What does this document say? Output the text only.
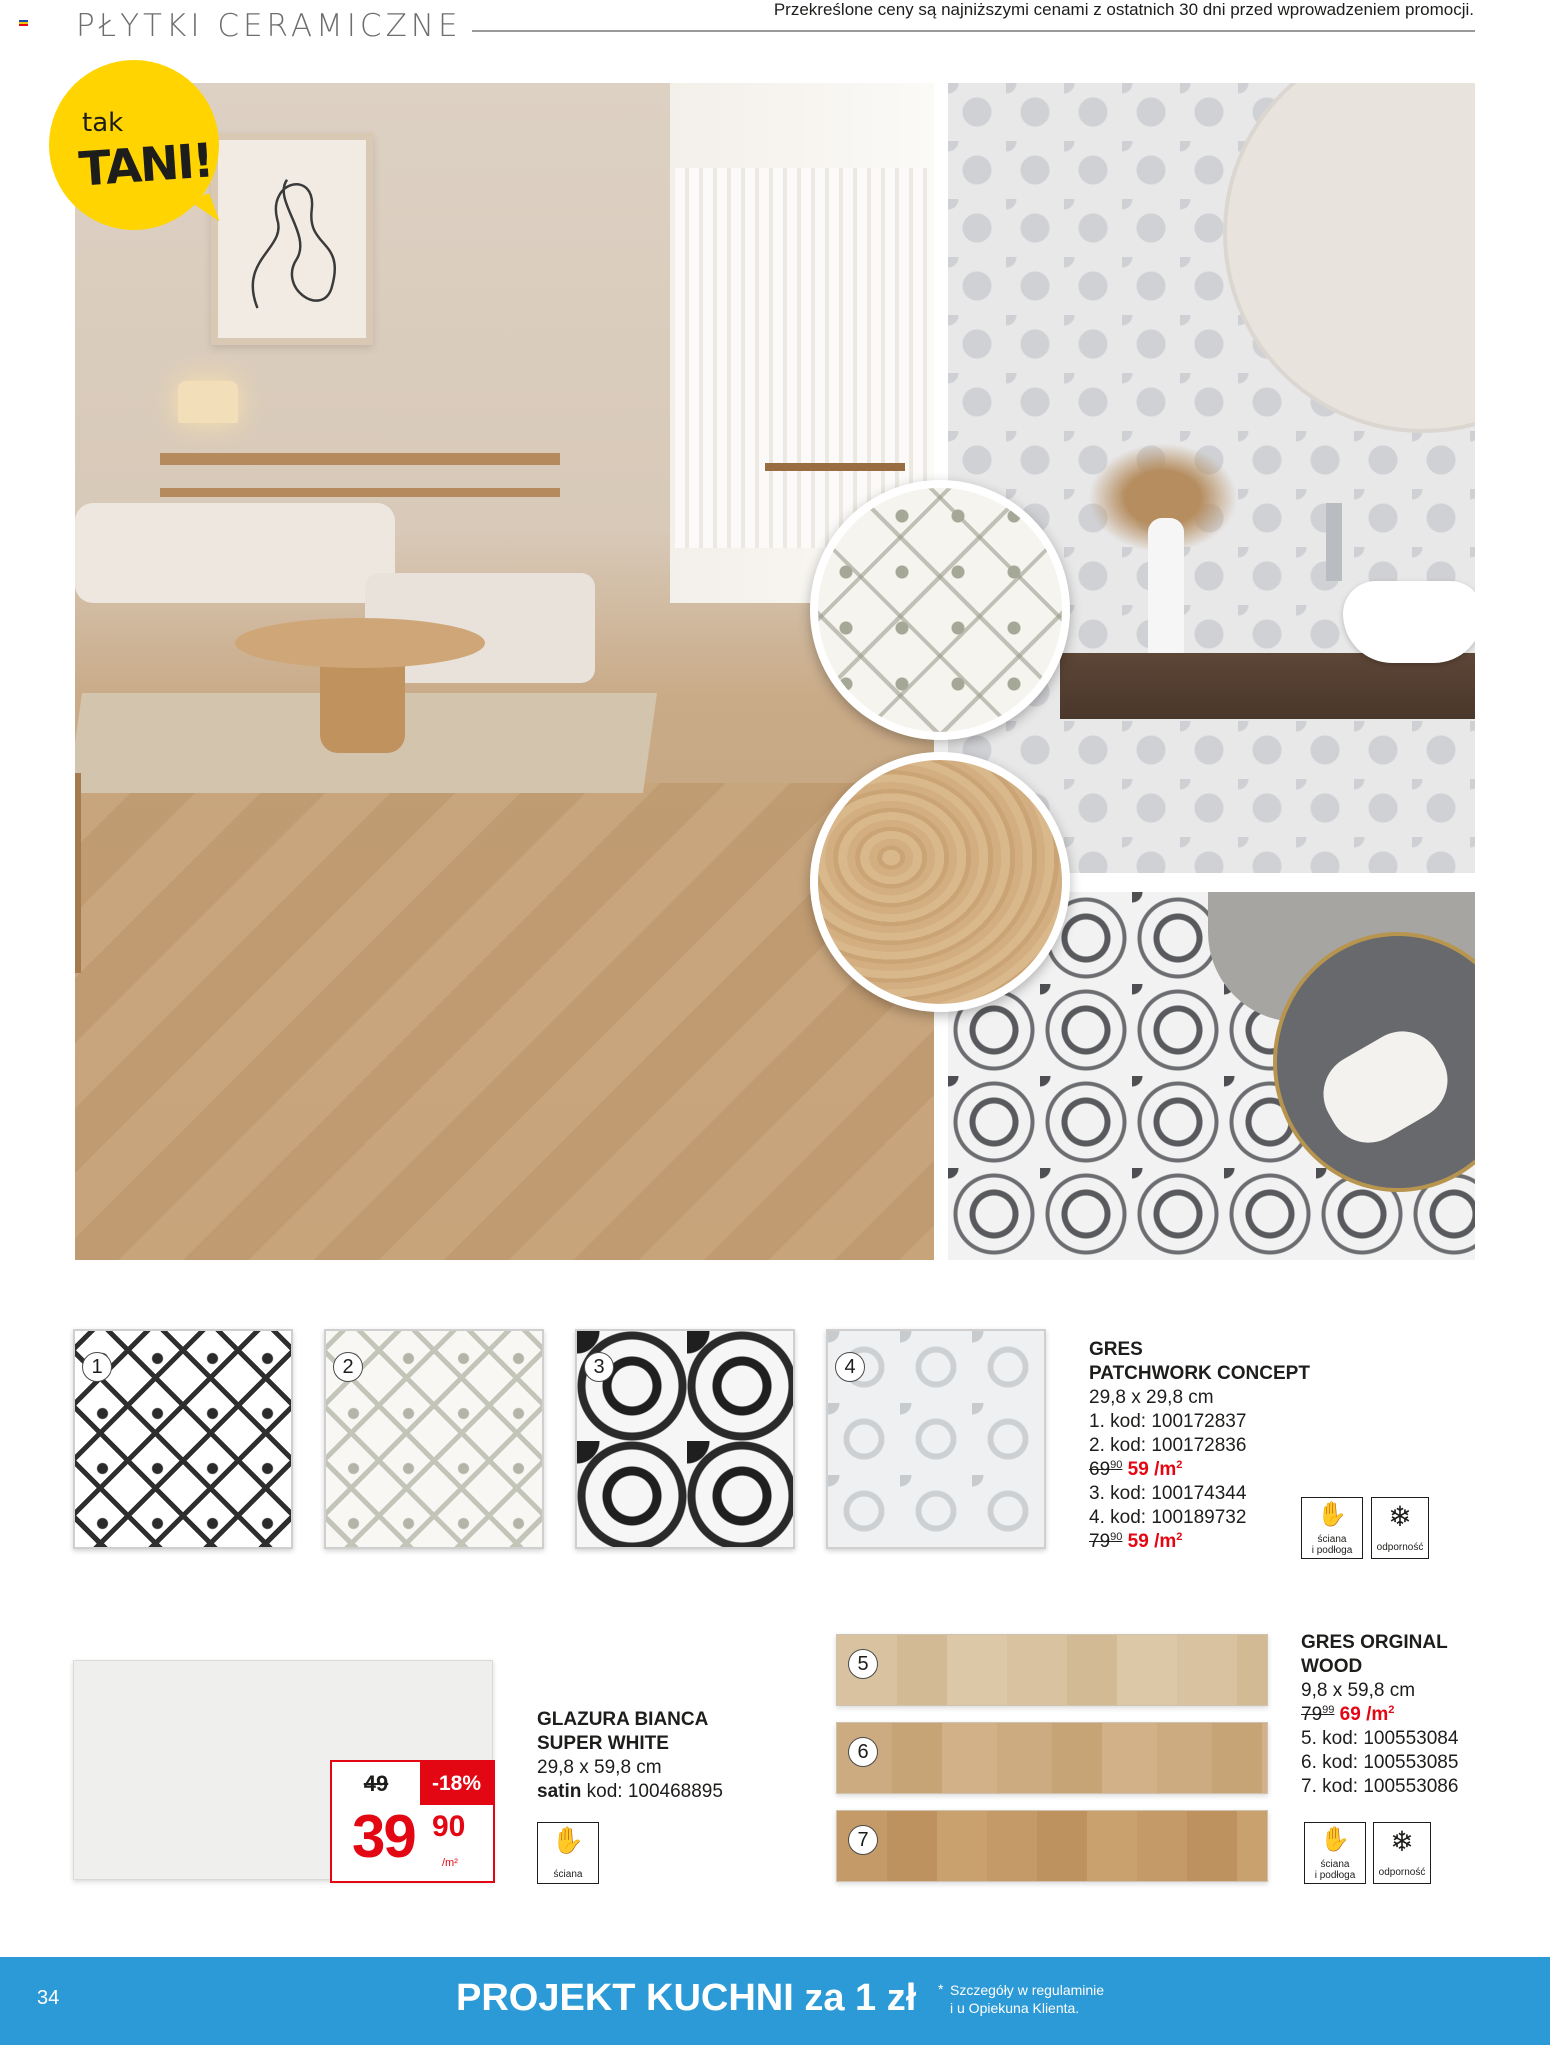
PŁYTKI CERAMICZNE	Przekreślone ceny są najniższymi cenami z ostatnich 30 dni przed wprowadzeniem promocji.
tak
TANI!
1	2	3	4
GRES
PATCHWORK CONCEPT
29,8 x 29,8 cm
1. kod: 100172837
2. kod: 100172836
$69^{90}$ 59 $/m^2$
3. kod: 100174344
4. kod: 100189732
$79^{90}$ 59 $/m^2$
✋
ściana
i podłoga
❄
odporność
49	-18%
39 90
/m²
GLAZURA BIANCA
SUPER WHITE
29,8 x 59,8 cm
satin kod: 100468895
✋
ściana
5
6
7
GRES ORGINAL
WOOD
9,8 x 59,8 cm
$79^{99}$ 69 $/m^2$
5. kod: 100553084
6. kod: 100553085
7. kod: 100553086
✋
ściana
i podłoga
❄
odporność
34	PROJEKT KUCHNI za 1 zł * Szczegóły w regulaminie
i u Opiekuna Klienta.
